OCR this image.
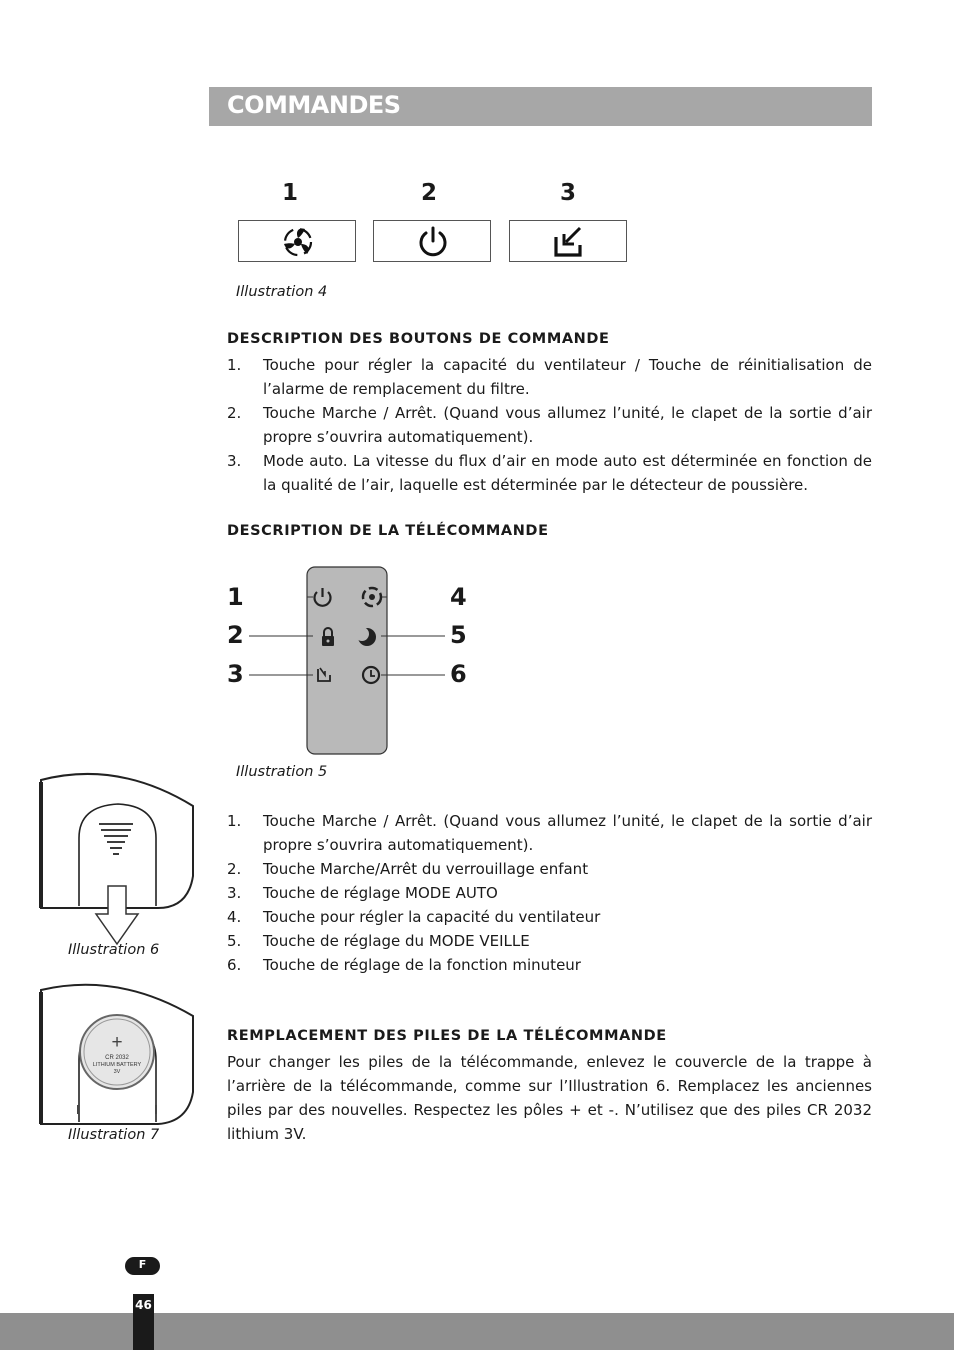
COMMANDES
1	2	3
Illustration 4
DESCRIPTION DES BOUTONS DE COMMANDE
1. Touche pour régler la capacité du ventilateur / Touche de réinitialisation de l’alarme de remplacement du filtre.
2. Touche Marche / Arrêt. (Quand vous allumez l’unité, le clapet de la sortie d’air propre s’ouvrira automatiquement).
3. Mode auto. La vitesse du flux d’air en mode auto est déterminée en fonction de la qualité de l’air, laquelle est déterminée par le détecteur de poussière.
DESCRIPTION DE LA TÉLÉCOMMANDE
1
2
3
4
5
6
Illustration 5
1. Touche Marche / Arrêt. (Quand vous allumez l’unité, le clapet de la sortie d’air propre s’ouvrira automatiquement).
2. Touche Marche/Arrêt du verrouillage enfant
3. Touche de réglage MODE AUTO
4. Touche pour régler la capacité du ventilateur
5. Touche de réglage du MODE VEILLE
6. Touche de réglage de la fonction minuteur
Illustration 6
+
CR 2032
LITHIUM BATTERY
3V
Illustration 7
REMPLACEMENT DES PILES DE LA TÉLÉCOMMANDE
Pour changer les piles de la télécommande, enlevez le couvercle de la trappe à l’arrière de la télécommande, comme sur l’Illustration 6. Remplacez les anciennes piles par des nouvelles. Respectez les pôles + et -. N’utilisez que des piles CR 2032 lithium 3V.
F
46
